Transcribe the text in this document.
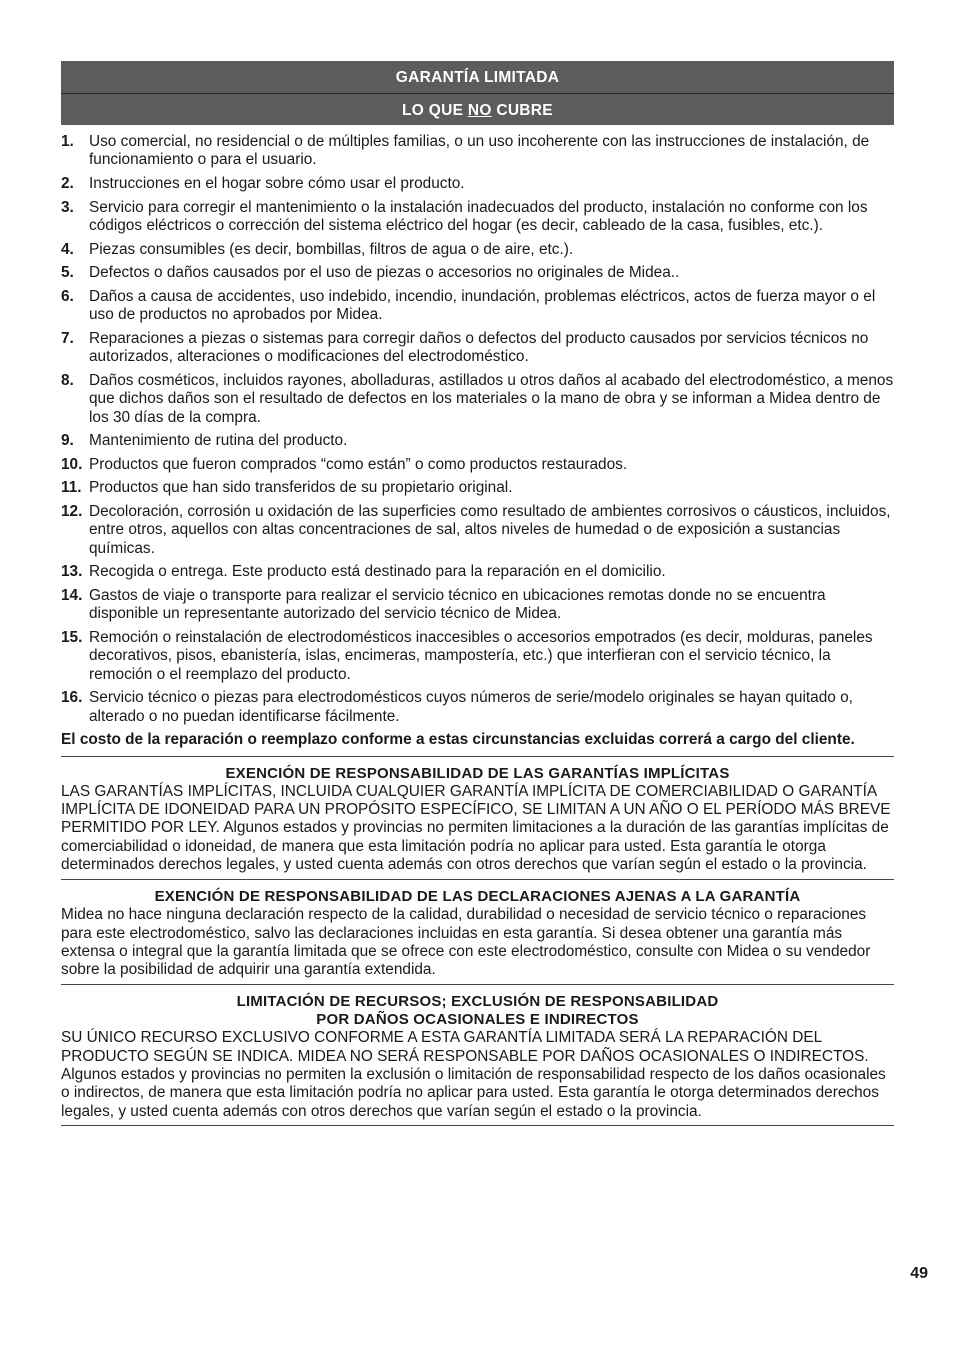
GARANTÍA LIMITADA
LO QUE NO CUBRE
1. Uso comercial, no residencial o de múltiples familias, o un uso incoherente con las instrucciones de instalación, de funcionamiento o para el usuario.
2. Instrucciones en el hogar sobre cómo usar el producto.
3. Servicio para corregir el mantenimiento o la instalación inadecuados del producto, instalación no conforme con los códigos eléctricos o corrección del sistema eléctrico del hogar (es decir, cableado de la casa, fusibles, etc.).
4. Piezas consumibles (es decir, bombillas, filtros de agua o de aire, etc.).
5. Defectos o daños causados por el uso de piezas o accesorios no originales de Midea..
6. Daños a causa de accidentes, uso indebido, incendio, inundación, problemas eléctricos, actos de fuerza mayor o el uso de productos no aprobados por Midea.
7. Reparaciones a piezas o sistemas para corregir daños o defectos del producto causados por servicios técnicos no autorizados, alteraciones o modificaciones del electrodoméstico.
8. Daños cosméticos, incluidos rayones, abolladuras, astillados u otros daños al acabado del electrodoméstico, a menos que dichos daños son el resultado de defectos en los materiales o la mano de obra y se informan a Midea dentro de los 30 días de la compra.
9. Mantenimiento de rutina del producto.
10. Productos que fueron comprados “como están” o como productos restaurados.
11. Productos que han sido transferidos de su propietario original.
12. Decoloración, corrosión u oxidación de las superficies como resultado de ambientes corrosivos o cáusticos, incluidos, entre otros, aquellos con altas concentraciones de sal, altos niveles de humedad o de exposición a sustancias químicas.
13. Recogida o entrega. Este producto está destinado para la reparación en el domicilio.
14. Gastos de viaje o transporte para realizar el servicio técnico en ubicaciones remotas donde no se encuentra disponible un representante autorizado del servicio técnico de Midea.
15. Remoción o reinstalación de electrodomésticos inaccesibles o accesorios empotrados (es decir, molduras, paneles decorativos, pisos, ebanistería, islas, encimeras, mampostería, etc.) que interfieran con el servicio técnico, la remoción o el reemplazo del producto.
16. Servicio técnico o piezas para electrodomésticos cuyos números de serie/modelo originales se hayan quitado o, alterado o no puedan identificarse fácilmente.
El costo de la reparación o reemplazo conforme a estas circunstancias excluidas correrá a cargo del cliente.
EXENCIÓN DE RESPONSABILIDAD DE LAS GARANTÍAS IMPLÍCITAS
LAS GARANTÍAS IMPLÍCITAS, INCLUIDA CUALQUIER GARANTÍA IMPLÍCITA DE COMERCIABILIDAD O GARANTÍA IMPLÍCITA DE IDONEIDAD PARA UN PROPÓSITO ESPECÍFICO, SE LIMITAN A UN AÑO O EL PERÍODO MÁS BREVE PERMITIDO POR LEY. Algunos estados y provincias no permiten limitaciones a la duración de las garantías implícitas de comerciabilidad o idoneidad, de manera que esta limitación podría no aplicar para usted. Esta garantía le otorga determinados derechos legales, y usted cuenta además con otros derechos que varían según el estado o la provincia.
EXENCIÓN DE RESPONSABILIDAD DE LAS DECLARACIONES AJENAS A LA GARANTÍA
Midea no hace ninguna declaración respecto de la calidad, durabilidad o necesidad de servicio técnico o reparaciones para este electrodoméstico, salvo las declaraciones incluidas en esta garantía. Si desea obtener una garantía más extensa o integral que la garantía limitada que se ofrece con este electrodoméstico, consulte con Midea o su vendedor sobre la posibilidad de adquirir una garantía extendida.
LIMITACIÓN DE RECURSOS; EXCLUSIÓN DE RESPONSABILIDAD
POR DAÑOS OCASIONALES E INDIRECTOS
SU ÚNICO RECURSO EXCLUSIVO CONFORME A ESTA GARANTÍA LIMITADA SERÁ LA REPARACIÓN DEL PRODUCTO SEGÚN SE INDICA. MIDEA NO SERÁ RESPONSABLE POR DAÑOS OCASIONALES O INDIRECTOS. Algunos estados y provincias no permiten la exclusión o limitación de responsabilidad respecto de los daños ocasionales o indirectos, de manera que esta limitación podría no aplicar para usted. Esta garantía le otorga determinados derechos legales, y usted cuenta además con otros derechos que varían según el estado o la provincia.
49
